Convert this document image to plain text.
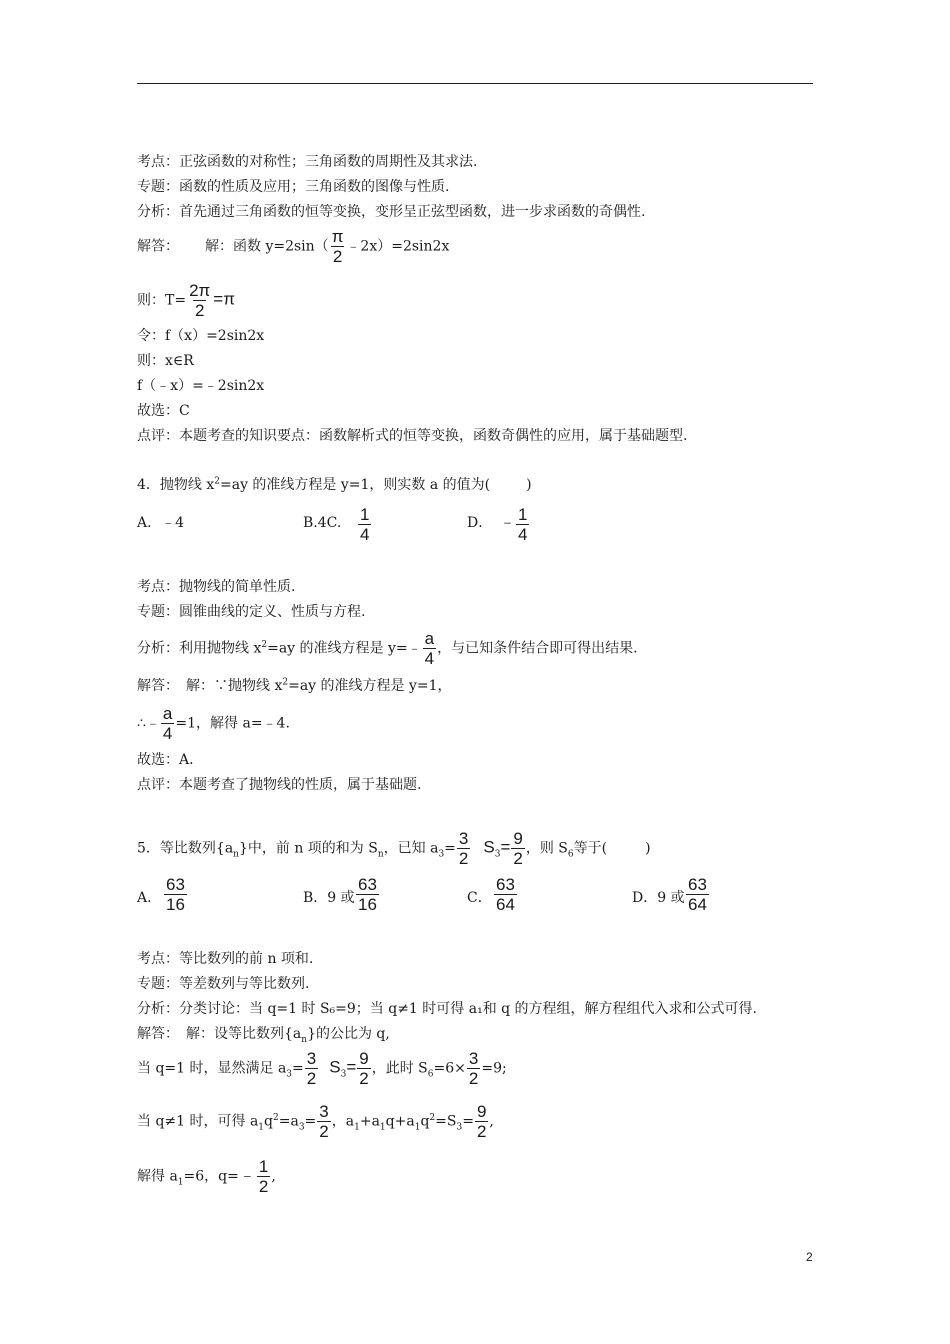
考点：正弦函数的对称性；三角函数的周期性及其求法.
专题：函数的性质及应用；三角函数的图像与性质.
分析：首先通过三角函数的恒等变换，变形呈正弦型函数，进一步求函数的奇偶性.
解答： 解：函数 $y=2\sin( \frac{\pi}{2}$ ﹣2x）=2sin2x
则：$T= \frac{2\pi}{2} =\pi$
令：f（x）=2sin2x
则：x∈R
f（﹣x）=﹣2sin2x
故选：C
点评：本题考查的知识要点：函数解析式的恒等变换，函数奇偶性的应用，属于基础题型.
4．抛物线 $x^2=ay$ 的准线方程是 y=1，则实数 a 的值为(	)
A．﹣4	B.4C. $\frac{1}{4}$	D． ﹣ $\frac{1}{4}$
考点：抛物线的简单性质.
专题：圆锥曲线的定义、性质与方程.
分析：利用抛物线 $x^2=ay$ 的准线方程是 y=﹣ $\frac{a}{4}$ ，与已知条件结合即可得出结果.
解答：　解：∵抛物线 $x^2=ay$ 的准线方程是 y=1，
∴﹣ $\frac{a}{4} =1$，解得 a=﹣4.
故选：A.
点评：本题考查了抛物线的性质，属于基础题.
5．等比数列$\{a_n\}$中，前 n 项的和为 $S_n$，已知 $a_3= \frac{3}{2} S_3= \frac{9}{2}$ ，则 $S_6$等于(	)
A. $\frac{63}{16}$	B．9 或 $\frac{63}{16}$	C． $\frac{63}{64}$	D．9 或 $\frac{63}{64}$
考点：等比数列的前 n 项和.
专题：等差数列与等比数列.
分析：分类讨论：当 q=1 时 S₆=9；当 q≠1 时可得 a₁和 q 的方程组，解方程组代入求和公式可得.
解答：　解：设等比数列$\{a_n\}$的公比为 q,
当 q=1 时，显然满足 $a_3= \frac{3}{2} S_3= \frac{9}{2}$ ，此时 $S_6=6\times \frac{3}{2} =9$;
当 q≠1 时，可得 $a_1q^2=a_3= \frac{3}{2}$ ，$a_1+a_1q+a_1q^2=S_3= \frac{9}{2}$ ,
解得 $a_1=6$，q=﹣ $\frac{1}{2}$ ,
2
